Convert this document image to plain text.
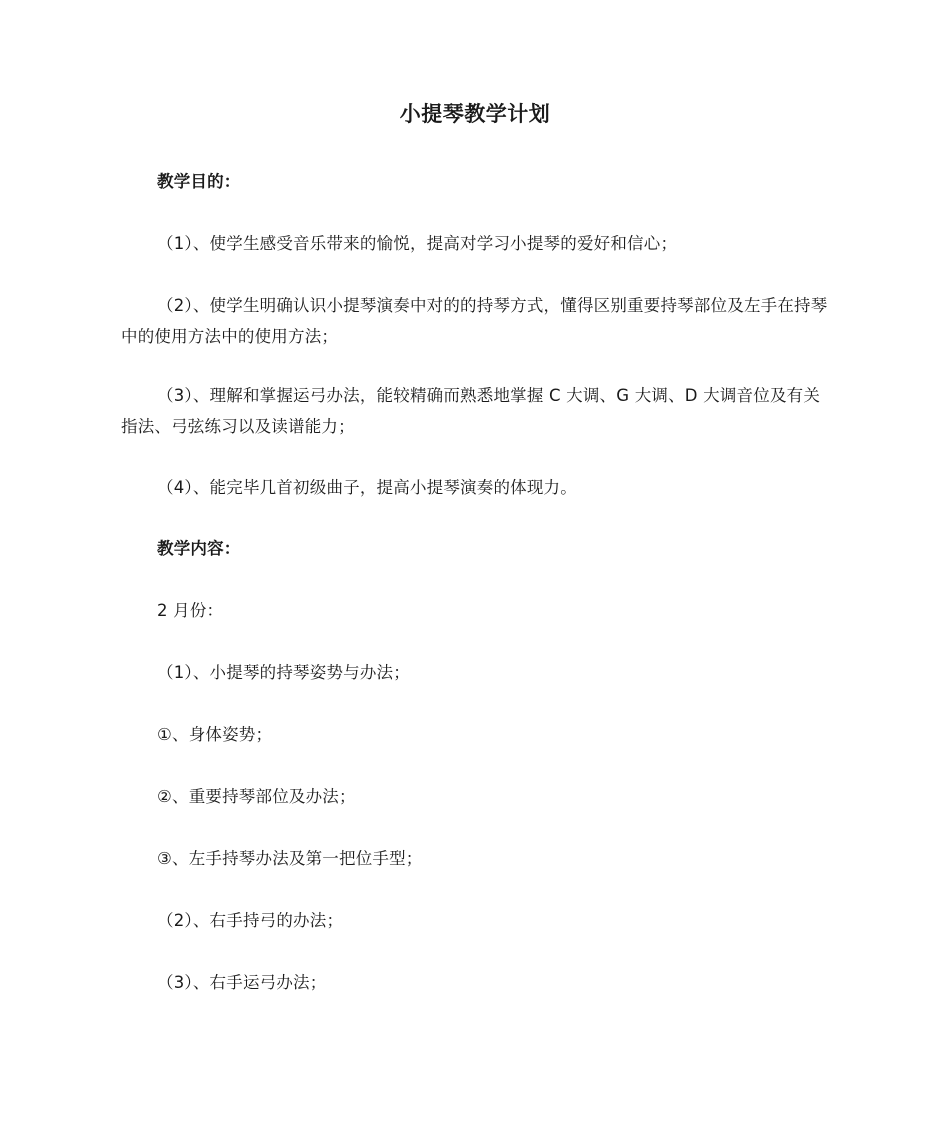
小提琴教学计划

教学目的：

（1）、使学生感受音乐带来的愉悦，提高对学习小提琴的爱好和信心；

（2）、使学生明确认识小提琴演奏中对的的持琴方式，懂得区别重要持琴部位及左手在持琴中的使用方法中的使用方法；

（3）、理解和掌握运弓办法，能较精确而熟悉地掌握 C 大调、G 大调、D 大调音位及有关指法、弓弦练习以及读谱能力；

（4）、能完毕几首初级曲子，提高小提琴演奏的体现力。

教学内容：

2 月份：

（1）、小提琴的持琴姿势与办法；

①、身体姿势；

②、重要持琴部位及办法；

③、左手持琴办法及第一把位手型；

（2）、右手持弓的办法；

（3）、右手运弓办法；
